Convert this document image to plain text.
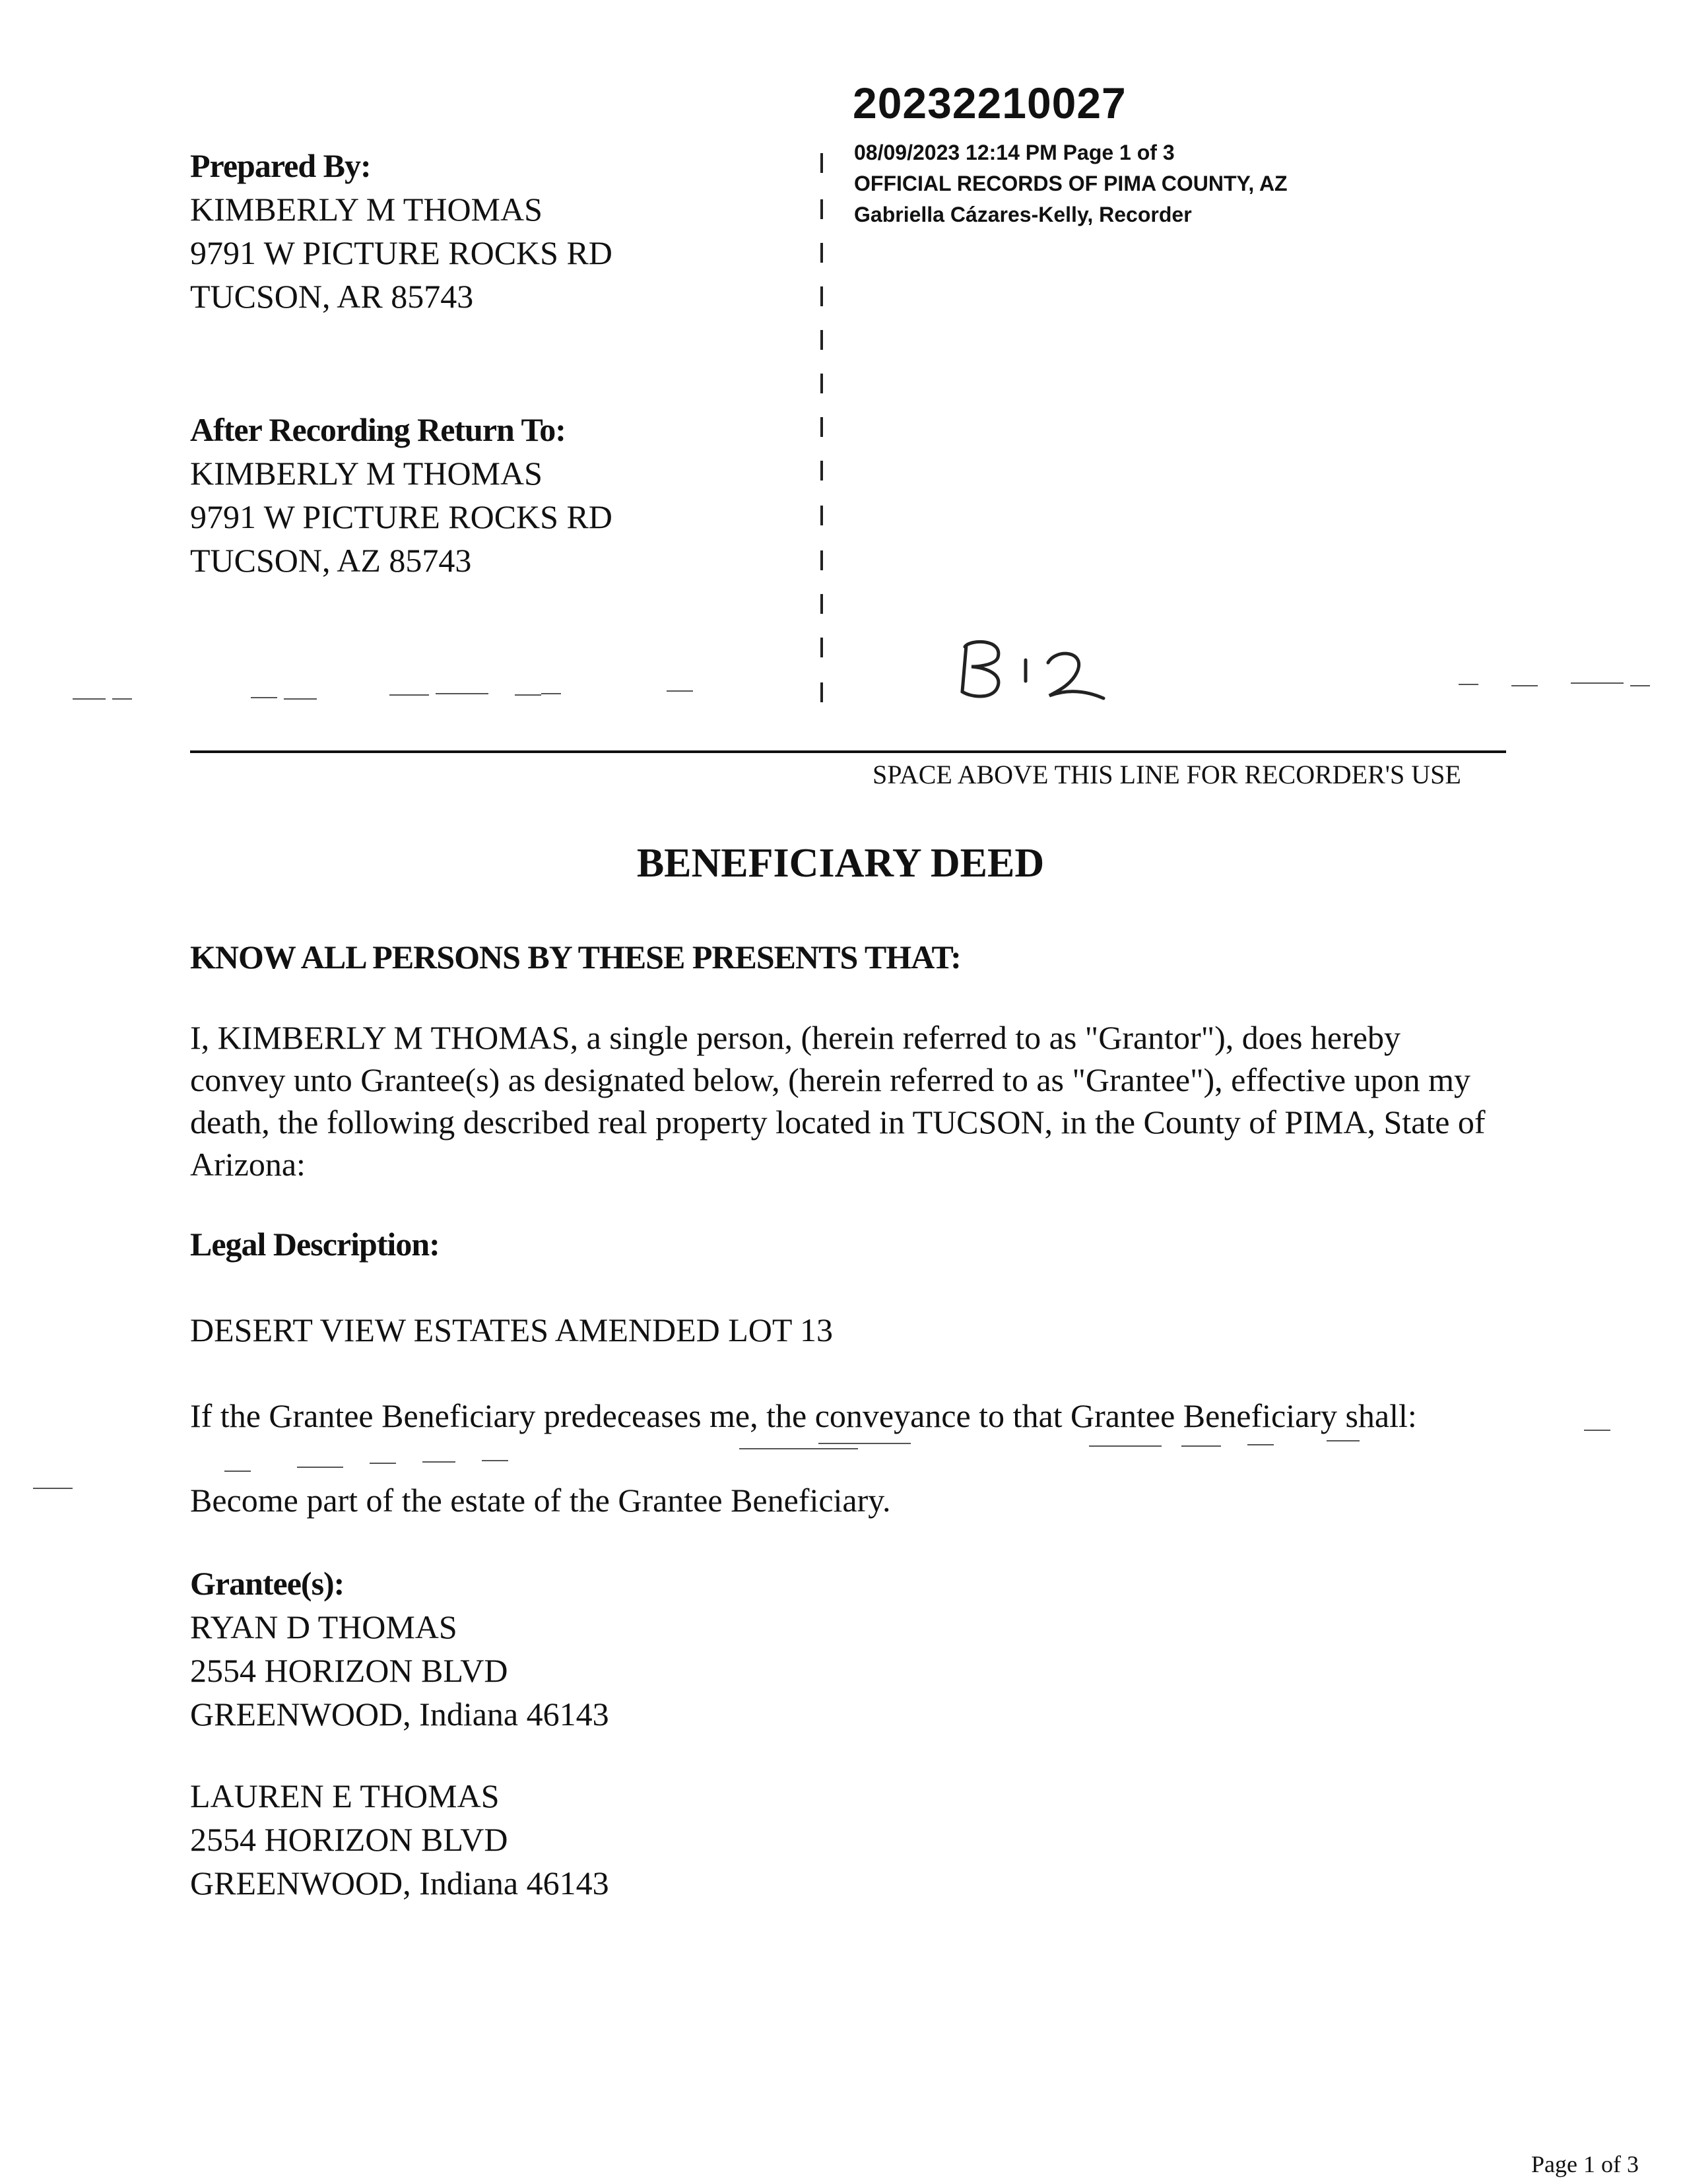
20232210027
08/09/2023 12:14 PM Page 1 of 3
OFFICIAL RECORDS OF PIMA COUNTY, AZ
Gabriella Cázares-Kelly, Recorder
Prepared By:
KIMBERLY M THOMAS
9791 W PICTURE ROCKS RD
TUCSON, AR 85743
After Recording Return To:
KIMBERLY M THOMAS
9791 W PICTURE ROCKS RD
TUCSON, AZ 85743
SPACE ABOVE THIS LINE FOR RECORDER'S USE
BENEFICIARY DEED
KNOW ALL PERSONS BY THESE PRESENTS THAT:
I, KIMBERLY M THOMAS, a single person, (herein referred to as "Grantor"), does hereby convey unto Grantee(s) as designated below, (herein referred to as "Grantee"), effective upon my death, the following described real property located in TUCSON, in the County of PIMA, State of Arizona:
Legal Description:
DESERT VIEW ESTATES AMENDED LOT 13
If the Grantee Beneficiary predeceases me, the conveyance to that Grantee Beneficiary shall:
Become part of the estate of the Grantee Beneficiary.
Grantee(s):
RYAN D THOMAS
2554 HORIZON BLVD
GREENWOOD, Indiana 46143
LAUREN E THOMAS
2554 HORIZON BLVD
GREENWOOD, Indiana 46143
Page 1 of 3
